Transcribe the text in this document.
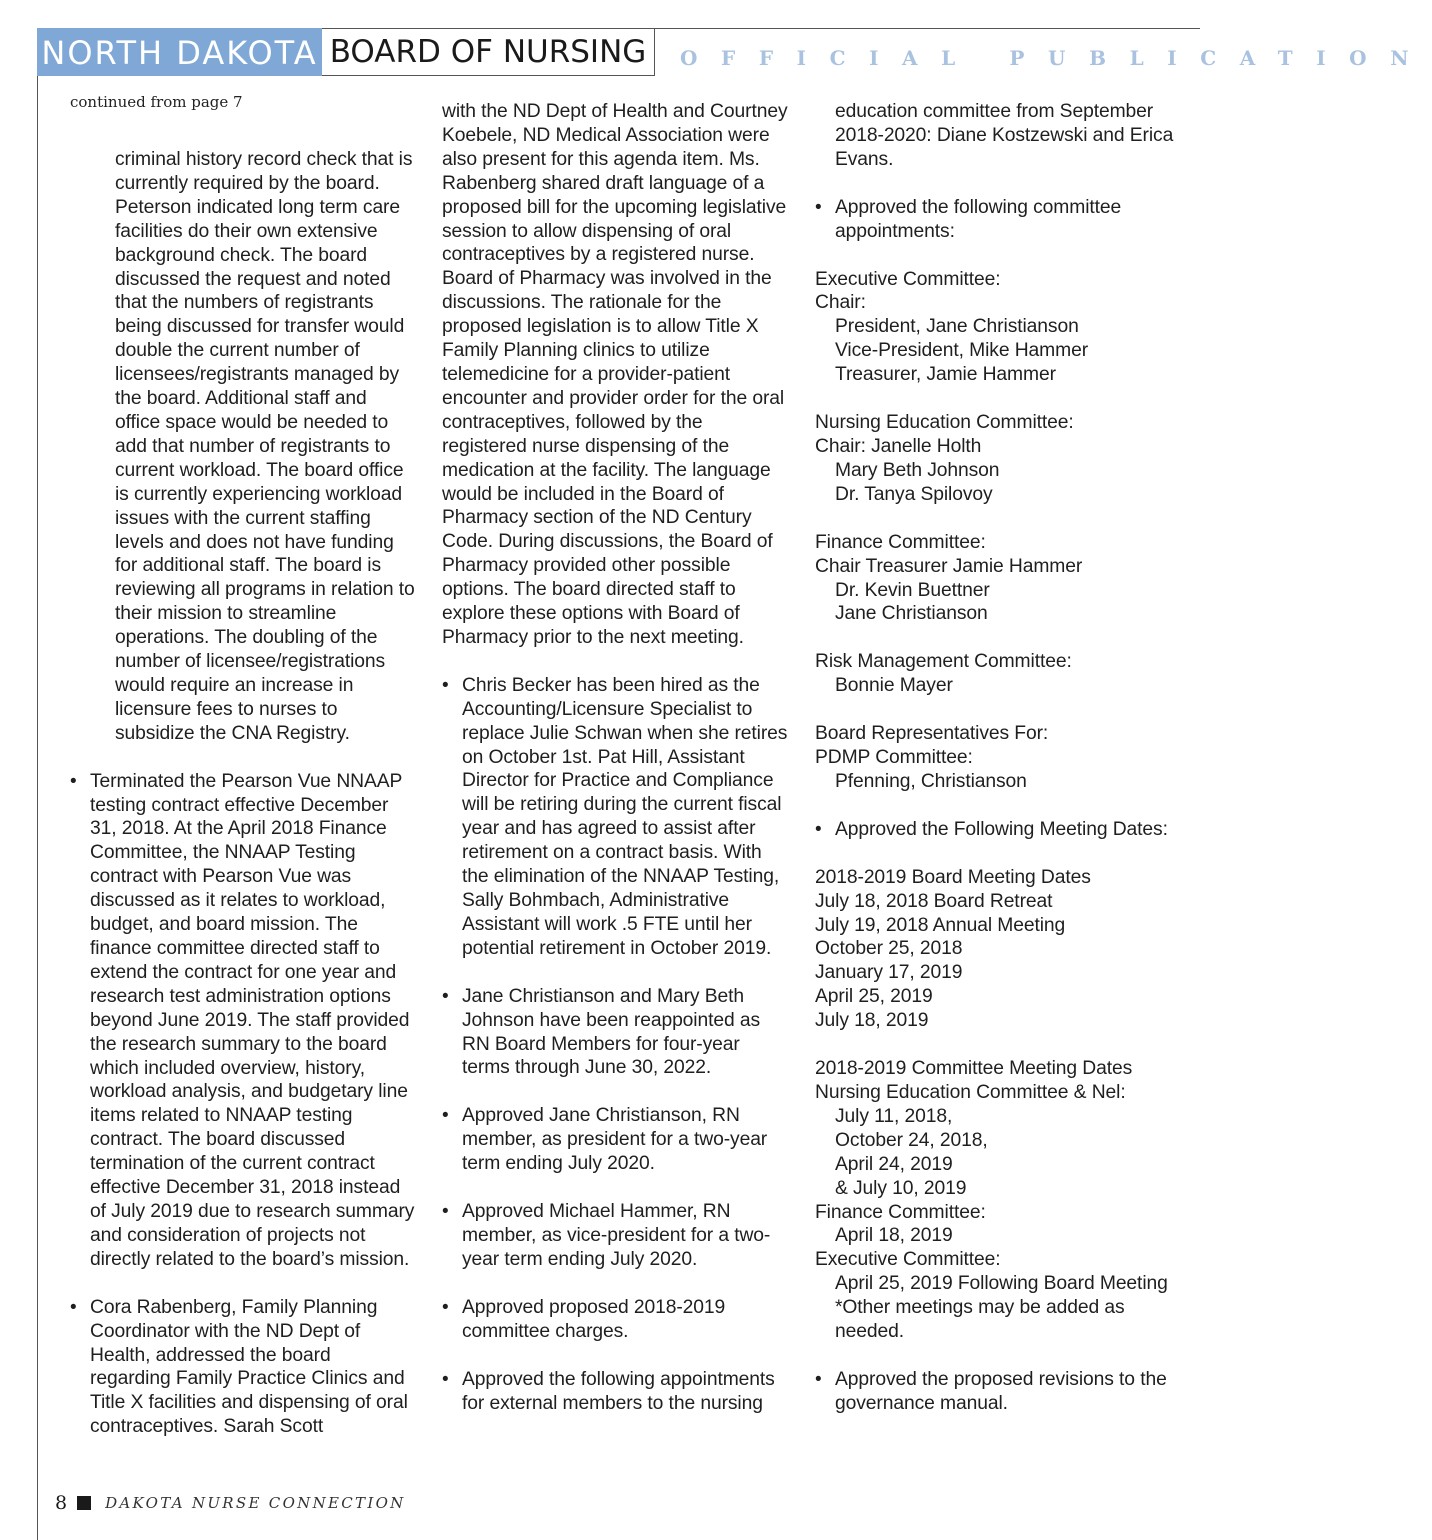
NORTH DAKOTA BOARD OF NURSING	OFFICIAL PUBLICATION
continued from page 7

criminal history record check that is currently required by the board. Peterson indicated long term care facilities do their own extensive background check. The board discussed the request and noted that the numbers of registrants being discussed for transfer would double the current number of licensees/registrants managed by the board. Additional staff and office space would be needed to add that number of registrants to current workload. The board office is currently experiencing workload issues with the current staffing levels and does not have funding for additional staff. The board is reviewing all programs in relation to their mission to streamline operations. The doubling of the number of licensee/registrations would require an increase in licensure fees to nurses to subsidize the CNA Registry.

• Terminated the Pearson Vue NNAAP testing contract effective December 31, 2018. At the April 2018 Finance Committee, the NNAAP Testing contract with Pearson Vue was discussed as it relates to workload, budget, and board mission. The finance committee directed staff to extend the contract for one year and research test administration options beyond June 2019. The staff provided the research summary to the board which included overview, history, workload analysis, and budgetary line items related to NNAAP testing contract. The board discussed termination of the current contract effective December 31, 2018 instead of July 2019 due to research summary and consideration of projects not directly related to the board’s mission.

• Cora Rabenberg, Family Planning Coordinator with the ND Dept of Health, addressed the board regarding Family Practice Clinics and Title X facilities and dispensing of oral contraceptives. Sarah Scott

with the ND Dept of Health and Courtney Koebele, ND Medical Association were also present for this agenda item. Ms. Rabenberg shared draft language of a proposed bill for the upcoming legislative session to allow dispensing of oral contraceptives by a registered nurse. Board of Pharmacy was involved in the discussions. The rationale for the proposed legislation is to allow Title X Family Planning clinics to utilize telemedicine for a provider-patient encounter and provider order for the oral contraceptives, followed by the registered nurse dispensing of the medication at the facility. The language would be included in the Board of Pharmacy section of the ND Century Code. During discussions, the Board of Pharmacy provided other possible options. The board directed staff to explore these options with Board of Pharmacy prior to the next meeting.

• Chris Becker has been hired as the Accounting/Licensure Specialist to replace Julie Schwan when she retires on October 1st. Pat Hill, Assistant Director for Practice and Compliance will be retiring during the current fiscal year and has agreed to assist after retirement on a contract basis. With the elimination of the NNAAP Testing, Sally Bohmbach, Administrative Assistant will work .5 FTE until her potential retirement in October 2019.

• Jane Christianson and Mary Beth Johnson have been reappointed as RN Board Members for four-year terms through June 30, 2022.

• Approved Jane Christianson, RN member, as president for a two-year term ending July 2020.

• Approved Michael Hammer, RN member, as vice-president for a two-year term ending July 2020.

• Approved proposed 2018-2019 committee charges.

• Approved the following appointments for external members to the nursing

education committee from September 2018-2020: Diane Kostzewski and Erica Evans.

• Approved the following committee appointments:

Executive Committee:

Chair:

President, Jane Christianson

Vice-President, Mike Hammer

Treasurer, Jamie Hammer

Nursing Education Committee:

Chair: Janelle Holth

Mary Beth Johnson

Dr. Tanya Spilovoy

Finance Committee:

Chair Treasurer Jamie Hammer

Dr. Kevin Buettner

Jane Christianson

Risk Management Committee:

Bonnie Mayer

Board Representatives For:

PDMP Committee:

Pfenning, Christianson

• Approved the Following Meeting Dates:

2018-2019 Board Meeting Dates

July 18, 2018 Board Retreat

July 19, 2018 Annual Meeting

October 25, 2018

January 17, 2019

April 25, 2019

July 18, 2019

2018-2019 Committee Meeting Dates

Nursing Education Committee & Nel:

July 11, 2018,

October 24, 2018,

April 24, 2019

& July 10, 2019

Finance Committee:

April 18, 2019

Executive Committee:

April 25, 2019 Following Board Meeting

*Other meetings may be added as needed.

• Approved the proposed revisions to the governance manual.

8	DAKOTA NURSE CONNECTION
